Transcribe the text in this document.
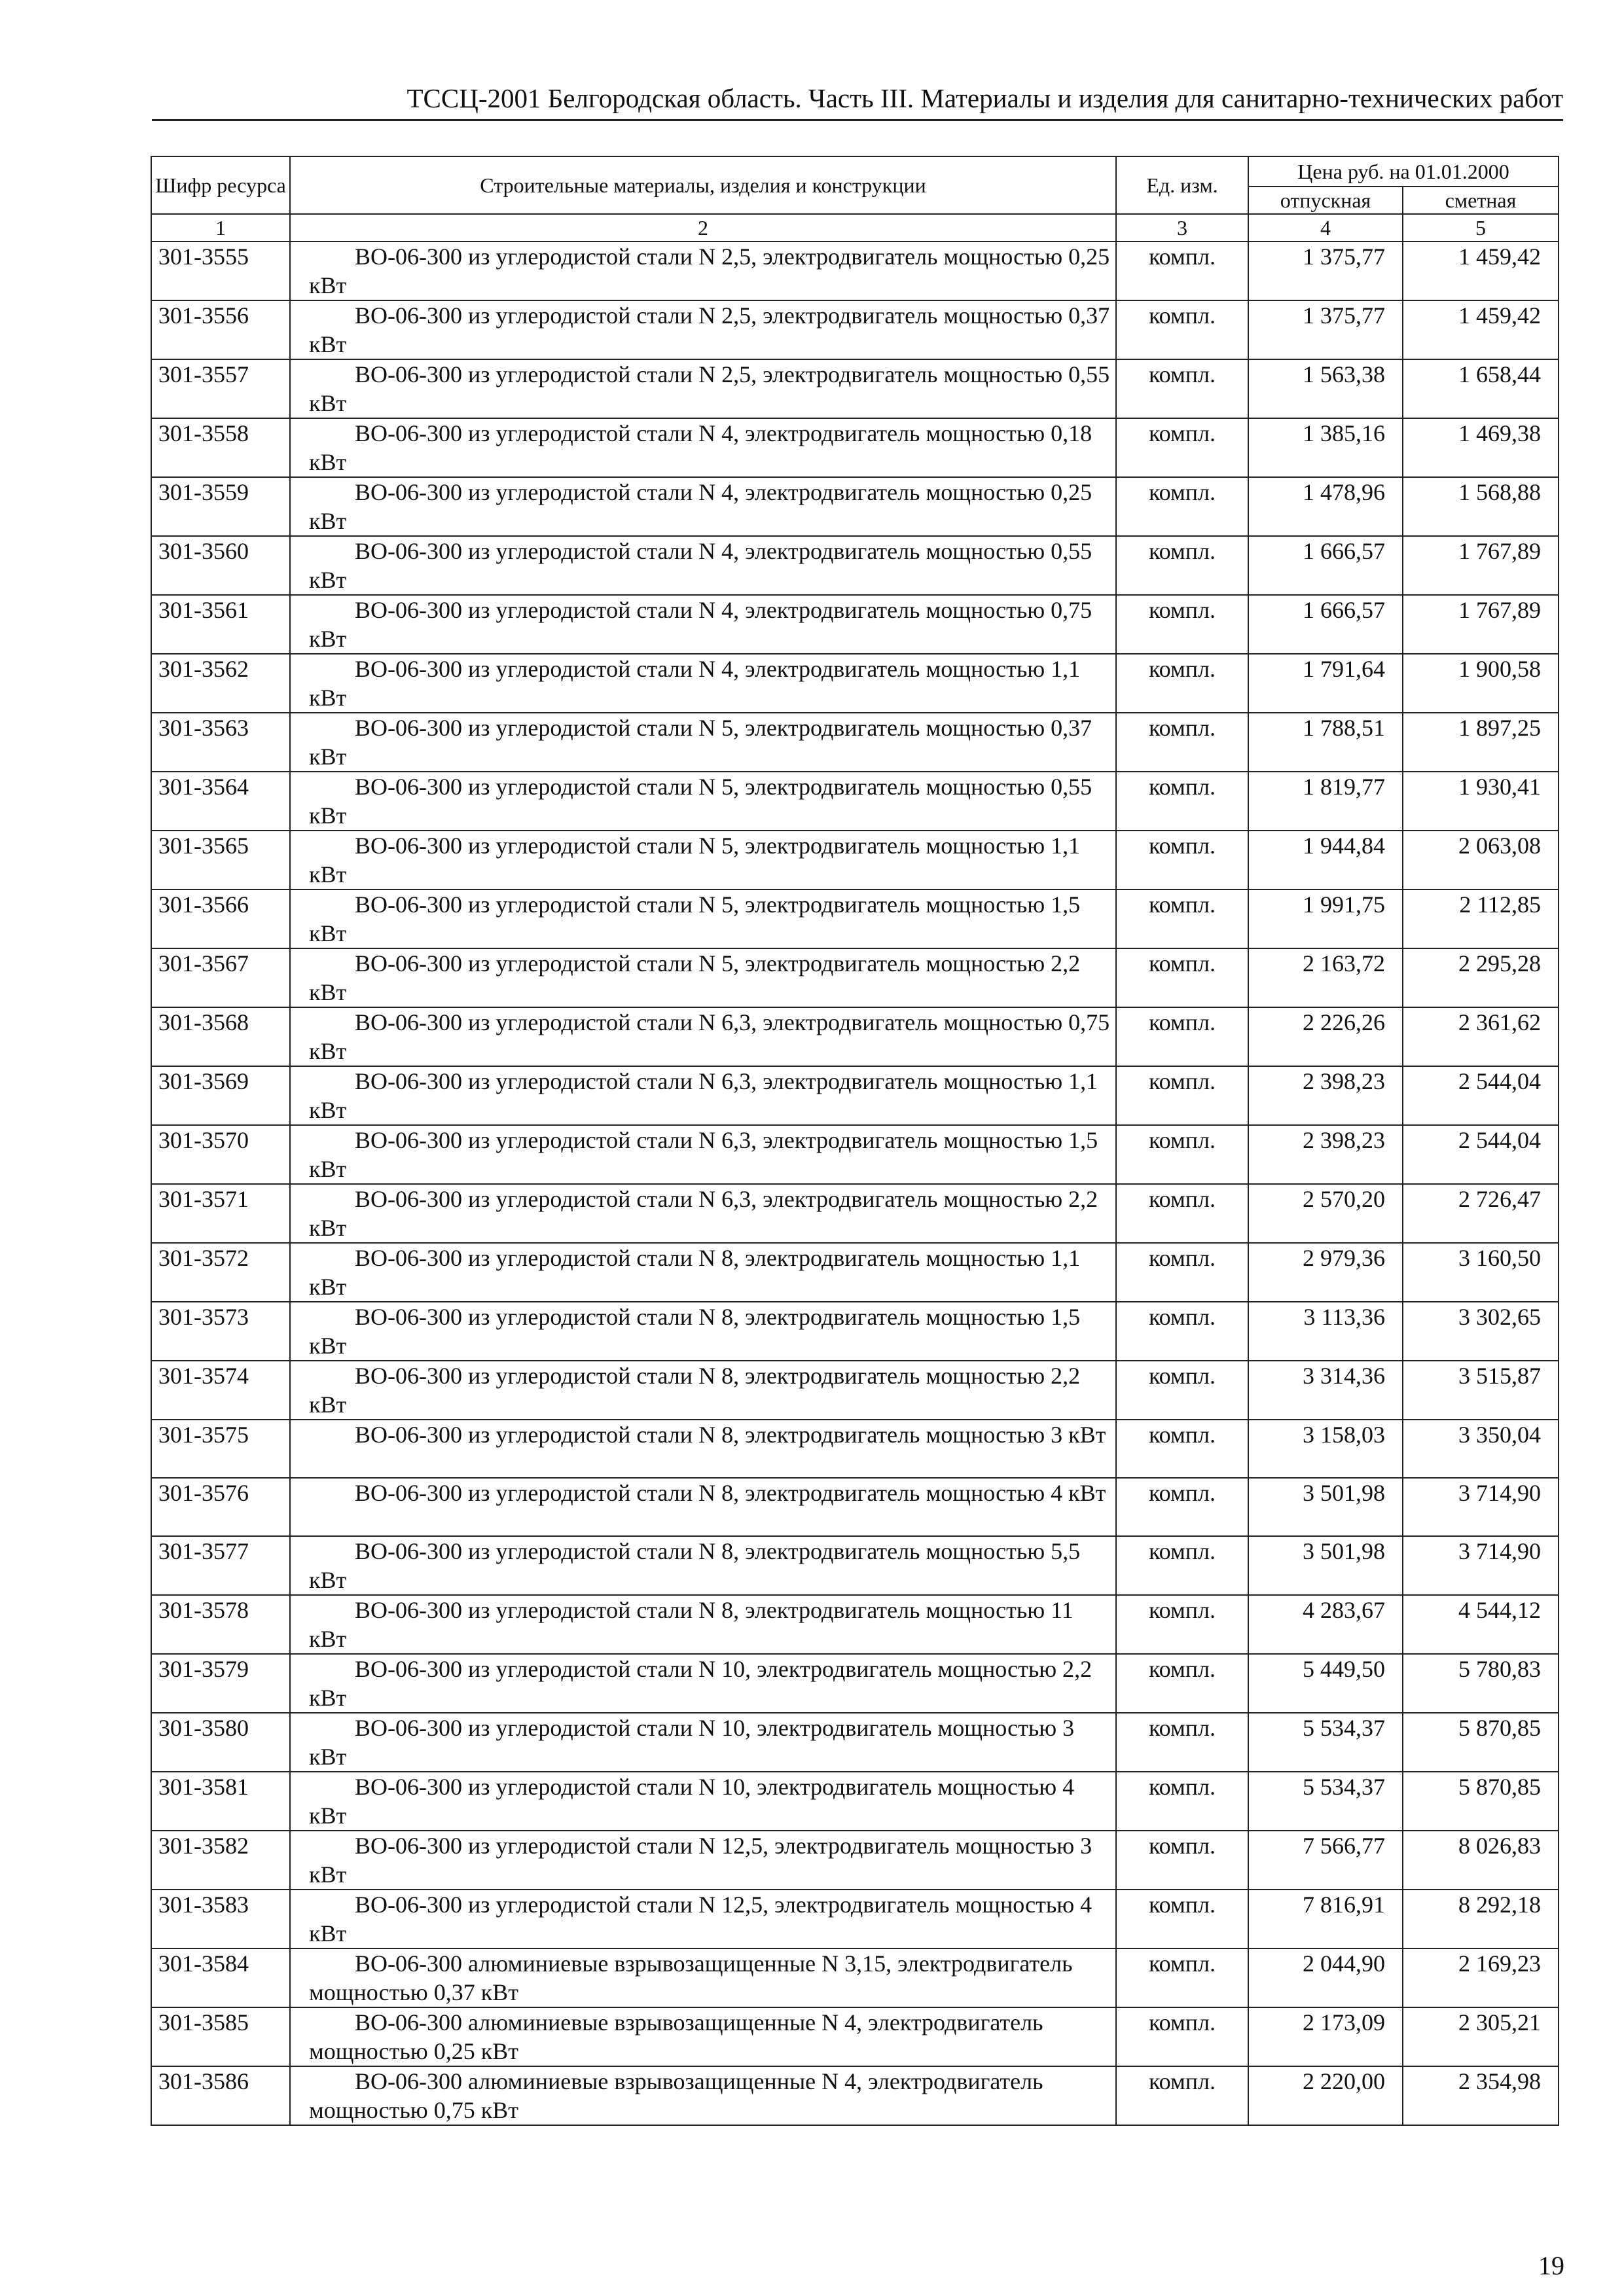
ТССЦ-2001 Белгородская область. Часть III. Материалы и изделия для санитарно-технических работ
Шифр ресурса	Строительные материалы, изделия и конструкции	Ед. изм.	Цена руб. на 01.01.2000	
			отпускная	сметная
1	2	3	4	5
301-3555	ВО-06-300 из углеродистой стали N 2,5, электродвигатель мощностью 0,25 кВт	компл.	1 375,77	1 459,42
301-3556	ВО-06-300 из углеродистой стали N 2,5, электродвигатель мощностью 0,37 кВт	компл.	1 375,77	1 459,42
301-3557	ВО-06-300 из углеродистой стали N 2,5, электродвигатель мощностью 0,55 кВт	компл.	1 563,38	1 658,44
301-3558	ВО-06-300 из углеродистой стали N 4, электродвигатель мощностью 0,18 кВт	компл.	1 385,16	1 469,38
301-3559	ВО-06-300 из углеродистой стали N 4, электродвигатель мощностью 0,25 кВт	компл.	1 478,96	1 568,88
301-3560	ВО-06-300 из углеродистой стали N 4, электродвигатель мощностью 0,55 кВт	компл.	1 666,57	1 767,89
301-3561	ВО-06-300 из углеродистой стали N 4, электродвигатель мощностью 0,75 кВт	компл.	1 666,57	1 767,89
301-3562	ВО-06-300 из углеродистой стали N 4, электродвигатель мощностью 1,1 кВт	компл.	1 791,64	1 900,58
301-3563	ВО-06-300 из углеродистой стали N 5, электродвигатель мощностью 0,37 кВт	компл.	1 788,51	1 897,25
301-3564	ВО-06-300 из углеродистой стали N 5, электродвигатель мощностью 0,55 кВт	компл.	1 819,77	1 930,41
301-3565	ВО-06-300 из углеродистой стали N 5, электродвигатель мощностью 1,1 кВт	компл.	1 944,84	2 063,08
301-3566	ВО-06-300 из углеродистой стали N 5, электродвигатель мощностью 1,5 кВт	компл.	1 991,75	2 112,85
301-3567	ВО-06-300 из углеродистой стали N 5, электродвигатель мощностью 2,2 кВт	компл.	2 163,72	2 295,28
301-3568	ВО-06-300 из углеродистой стали N 6,3, электродвигатель мощностью 0,75 кВт	компл.	2 226,26	2 361,62
301-3569	ВО-06-300 из углеродистой стали N 6,3, электродвигатель мощностью 1,1 кВт	компл.	2 398,23	2 544,04
301-3570	ВО-06-300 из углеродистой стали N 6,3, электродвигатель мощностью 1,5 кВт	компл.	2 398,23	2 544,04
301-3571	ВО-06-300 из углеродистой стали N 6,3, электродвигатель мощностью 2,2 кВт	компл.	2 570,20	2 726,47
301-3572	ВО-06-300 из углеродистой стали N 8, электродвигатель мощностью 1,1 кВт	компл.	2 979,36	3 160,50
301-3573	ВО-06-300 из углеродистой стали N 8, электродвигатель мощностью 1,5 кВт	компл.	3 113,36	3 302,65
301-3574	ВО-06-300 из углеродистой стали N 8, электродвигатель мощностью 2,2 кВт	компл.	3 314,36	3 515,87
301-3575	ВО-06-300 из углеродистой стали N 8, электродвигатель мощностью 3 кВт	компл.	3 158,03	3 350,04
301-3576	ВО-06-300 из углеродистой стали N 8, электродвигатель мощностью 4 кВт	компл.	3 501,98	3 714,90
301-3577	ВО-06-300 из углеродистой стали N 8, электродвигатель мощностью 5,5 кВт	компл.	3 501,98	3 714,90
301-3578	ВО-06-300 из углеродистой стали N 8, электродвигатель мощностью 11 кВт	компл.	4 283,67	4 544,12
301-3579	ВО-06-300 из углеродистой стали N 10, электродвигатель мощностью 2,2 кВт	компл.	5 449,50	5 780,83
301-3580	ВО-06-300 из углеродистой стали N 10, электродвигатель мощностью 3 кВт	компл.	5 534,37	5 870,85
301-3581	ВО-06-300 из углеродистой стали N 10, электродвигатель мощностью 4 кВт	компл.	5 534,37	5 870,85
301-3582	ВО-06-300 из углеродистой стали N 12,5, электродвигатель мощностью 3 кВт	компл.	7 566,77	8 026,83
301-3583	ВО-06-300 из углеродистой стали N 12,5, электродвигатель мощностью 4 кВт	компл.	7 816,91	8 292,18
301-3584	ВО-06-300 алюминиевые взрывозащищенные N 3,15, электродвигатель мощностью 0,37 кВт	компл.	2 044,90	2 169,23
301-3585	ВО-06-300 алюминиевые взрывозащищенные N 4, электродвигатель мощностью 0,25 кВт	компл.	2 173,09	2 305,21
301-3586	ВО-06-300 алюминиевые взрывозащищенные N 4, электродвигатель мощностью 0,75 кВт	компл.	2 220,00	2 354,98
19
